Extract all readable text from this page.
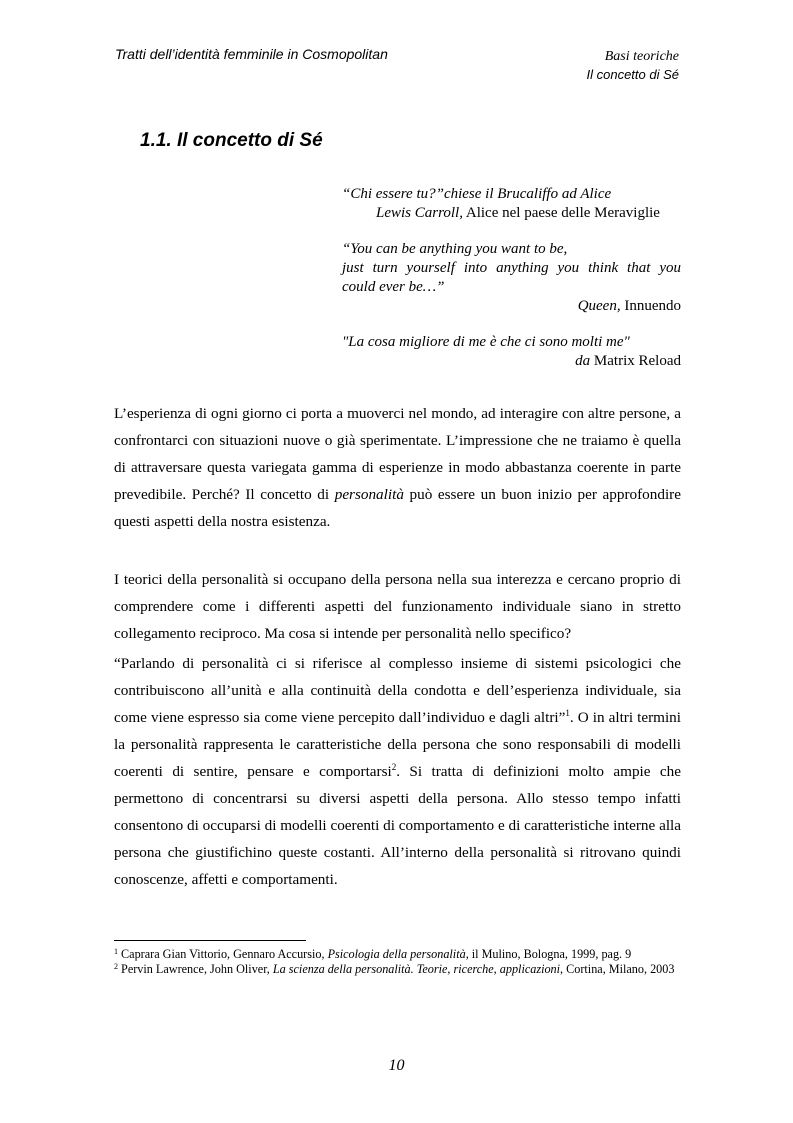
Tratti dell’identità femminile in Cosmopolitan	Basi teoriche
Il concetto di Sé
1.1. Il concetto di Sé
“Chi essere tu?”chiese il Brucaliffo ad Alice
Lewis Carroll, Alice nel paese delle Meraviglie
“You can be anything you want to be,
just turn yourself into anything you think that you
could ever be…”
Queen, Innuendo
"La cosa migliore di me è che ci sono molti me"
da Matrix Reload

L’esperienza di ogni giorno ci porta a muoverci nel mondo, ad interagire con altre persone, a confrontarci con situazioni nuove o già sperimentate. L’impressione che ne traiamo è quella di attraversare questa variegata gamma di esperienze in modo abbastanza coerente in parte prevedibile. Perché? Il concetto di personalità può essere un buon inizio per approfondire questi aspetti della nostra esistenza.

I teorici della personalità si occupano della persona nella sua interezza e cercano proprio di comprendere come i differenti aspetti del funzionamento individuale siano in stretto collegamento reciproco. Ma cosa si intende per personalità nello specifico?

“Parlando di personalità ci si riferisce al complesso insieme di sistemi psicologici che contribuiscono all’unità e alla continuità della condotta e dell’esperienza individuale, sia come viene espresso sia come viene percepito dall’individuo e dagli altri”$^1$. O in altri termini la personalità rappresenta le caratteristiche della persona che sono responsabili di modelli coerenti di sentire, pensare e comportarsi$^2$. Si tratta di definizioni molto ampie che permettono di concentrarsi su diversi aspetti della persona. Allo stesso tempo infatti consentono di occuparsi di modelli coerenti di comportamento e di caratteristiche interne alla persona che giustifichino queste costanti. All’interno della personalità si ritrovano quindi conoscenze, affetti e comportamenti.

$^1$ Caprara Gian Vittorio, Gennaro Accursio, Psicologia della personalità, il Mulino, Bologna, 1999, pag. 9

$^2$ Pervin Lawrence, John Oliver, La scienza della personalità. Teorie, ricerche, applicazioni, Cortina, Milano, 2003

10
